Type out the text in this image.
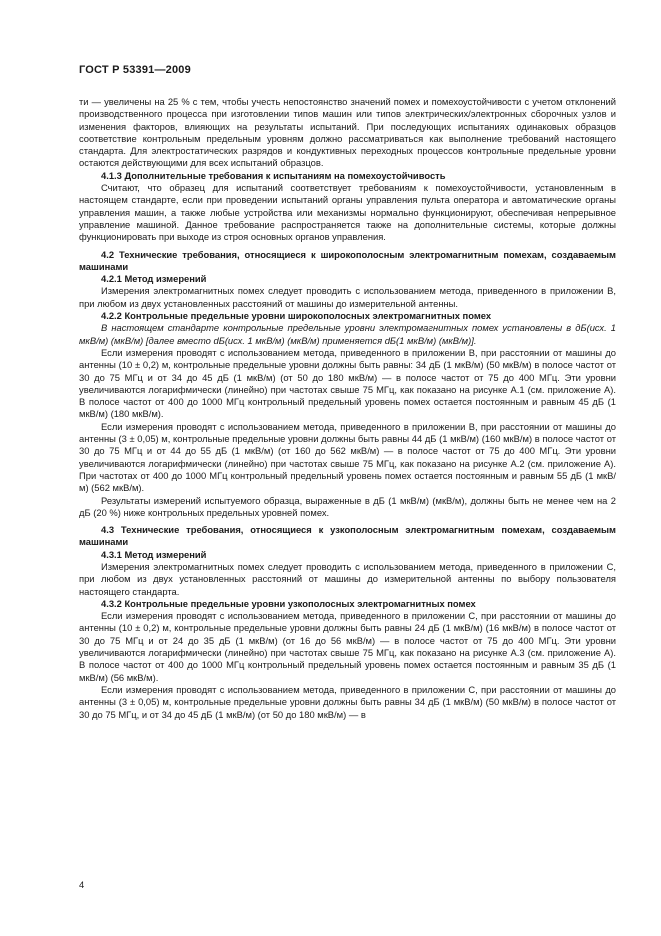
ГОСТ Р 53391—2009

ти — увеличены на 25 % с тем, чтобы учесть непостоянство значений помех и помехоустойчивости с учетом отклонений производственного процесса при изготовлении типов машин или типов электрических/электронных сборочных узлов и изменения факторов, влияющих на результаты испытаний. При последующих испытаниях одинаковых образцов соответствие контрольным предельным уровням должно рассматриваться как выполнение требований настоящего стандарта. Для электростатических разрядов и кондуктивных переходных процессов контрольные предельные уровни остаются действующими для всех испытаний образцов.

4.1.3 Дополнительные требования к испытаниям на помехоустойчивость

Считают, что образец для испытаний соответствует требованиям к помехоустойчивости, установленным в настоящем стандарте, если при проведении испытаний органы управления пульта оператора и автоматические органы управления машин, а также любые устройства или механизмы нормально функционируют, обеспечивая непрерывное управление машиной. Данное требование распространяется также на дополнительные системы, которые должны функционировать при выходе из строя основных органов управления.

4.2 Технические требования, относящиеся к широкополосным электромагнитным помехам, создаваемым машинами

4.2.1 Метод измерений

Измерения электромагнитных помех следует проводить с использованием метода, приведенного в приложении В, при любом из двух установленных расстояний от машины до измерительной антенны.

4.2.2 Контрольные предельные уровни широкополосных электромагнитных помех

В настоящем стандарте контрольные предельные уровни электромагнитных помех установлены в дБ(исх. 1 мкВ/м) (мкВ/м) [далее вместо dБ(исх. 1 мкВ/м) (мкВ/м) применяется dБ(1 мкВ/м) (мкВ/м)].

Если измерения проводят с использованием метода, приведенного в приложении В, при расстоянии от машины до антенны (10 ± 0,2) м, контрольные предельные уровни должны быть равны: 34 дБ (1 мкВ/м) (50 мкВ/м) в полосе частот от 30 до 75 МГц и от 34 до 45 дБ (1 мкВ/м) (от 50 до 180 мкВ/м) — в полосе частот от 75 до 400 МГц. Эти уровни увеличиваются логарифмически (линейно) при частотах свыше 75 МГц, как показано на рисунке А.1 (см. приложение А). В полосе частот от 400 до 1000 МГц контрольный предельный уровень помех остается постоянным и равным 45 дБ (1 мкВ/м) (180 мкВ/м).

Если измерения проводят с использованием метода, приведенного в приложении В, при расстоянии от машины до антенны (3 ± 0,05) м, контрольные предельные уровни должны быть равны 44 дБ (1 мкВ/м) (160 мкВ/м) в полосе частот от 30 до 75 МГц и от 44 до 55 дБ (1 мкВ/м) (от 160 до 562 мкВ/м) — в полосе частот от 75 до 400 МГц. Эти уровни увеличиваются логарифмически (линейно) при частотах свыше 75 МГц, как показано на рисунке А.2 (см. приложение А). При частотах от 400 до 1000 МГц контрольный предельный уровень помех остается постоянным и равным 55 дБ (1 мкВ/м) (562 мкВ/м).

Результаты измерений испытуемого образца, выраженные в дБ (1 мкВ/м) (мкВ/м), должны быть не менее чем на 2 дБ (20 %) ниже контрольных предельных уровней помех.

4.3 Технические требования, относящиеся к узкополосным электромагнитным помехам, создаваемым машинами

4.3.1 Метод измерений

Измерения электромагнитных помех следует проводить с использованием метода, приведенного в приложении С, при любом из двух установленных расстояний от машины до измерительной антенны по выбору пользователя настоящего стандарта.

4.3.2 Контрольные предельные уровни узкополосных электромагнитных помех

Если измерения проводят с использованием метода, приведенного в приложении С, при расстоянии от машины до антенны (10 ± 0,2) м, контрольные предельные уровни должны быть равны 24 дБ (1 мкВ/м) (16 мкВ/м) в полосе частот от 30 до 75 МГц и от 24 до 35 дБ (1 мкВ/м) (от 16 до 56 мкВ/м) — в полосе частот от 75 до 400 МГц. Эти уровни увеличиваются логарифмически (линейно) при частотах свыше 75 МГц, как показано на рисунке А.3 (см. приложение А). В полосе частот от 400 до 1000 МГц контрольный предельный уровень помех остается постоянным и равным 35 дБ (1 мкВ/м) (56 мкВ/м).

Если измерения проводят с использованием метода, приведенного в приложении С, при расстоянии от машины до антенны (3 ± 0,05) м, контрольные предельные уровни должны быть равны 34 дБ (1 мкВ/м) (50 мкВ/м) в полосе частот от 30 до 75 МГц, и от 34 до 45 дБ (1 мкВ/м) (от 50 до 180 мкВ/м) — в

4
